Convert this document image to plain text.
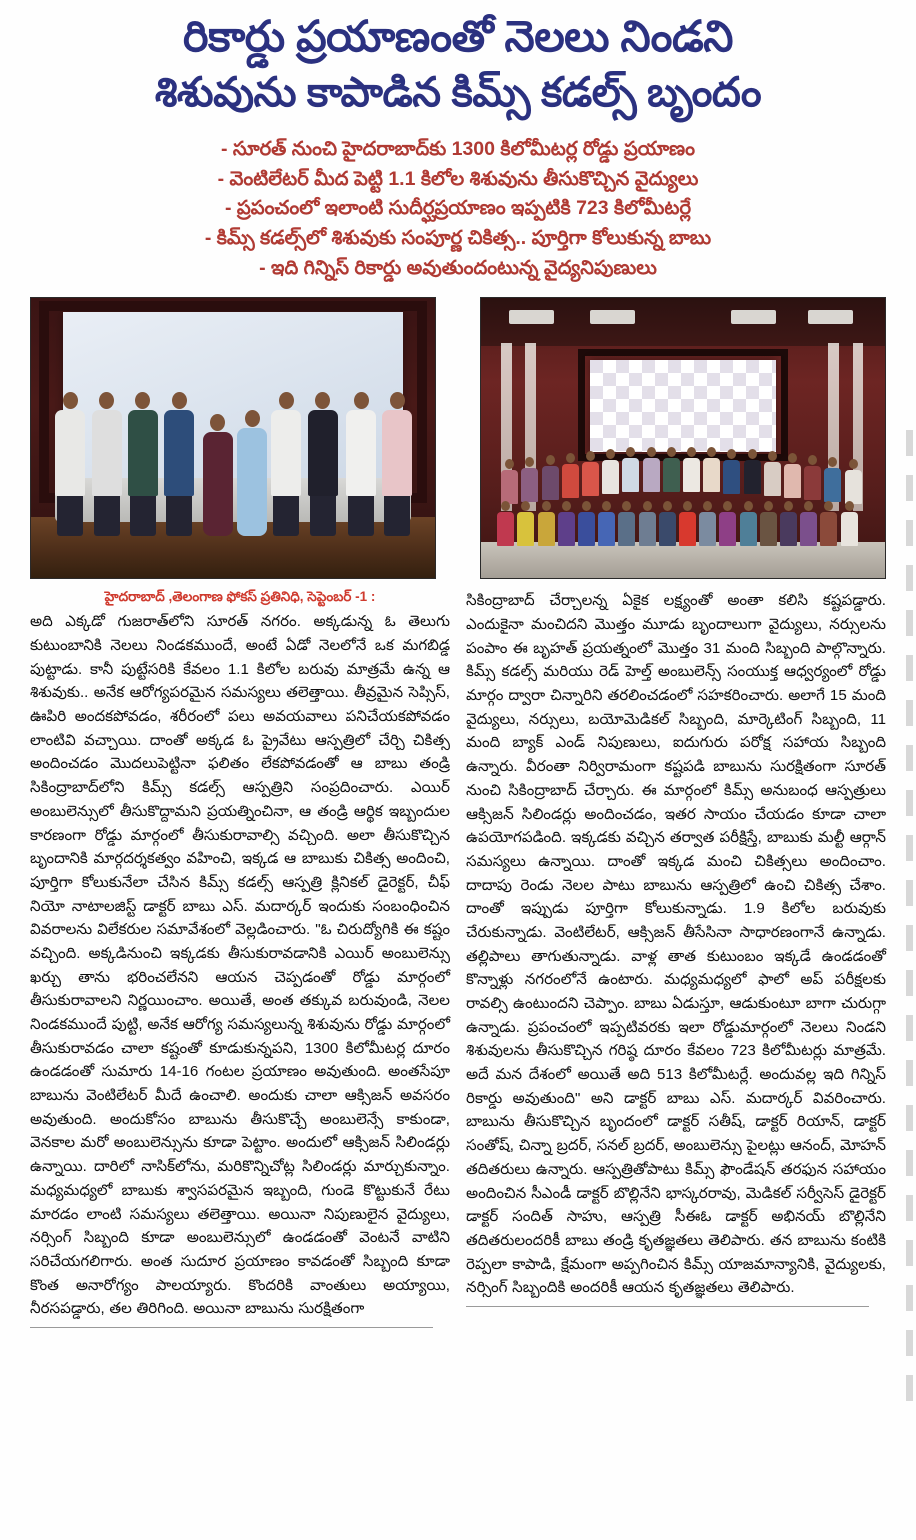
రికార్డు ప్రయాణంతో నెలలు నిండని
శిశువును కాపాడిన కిమ్స్ కడల్స్ బృందం
- సూరత్ నుంచి హైదరాబాద్‌కు 1300 కిలోమీటర్ల రోడ్డు ప్రయాణం
- వెంటిలేటర్ మీద పెట్టి 1.1 కిలోల శిశువును తీసుకొచ్చిన వైద్యులు
- ప్రపంచంలో ఇలాంటి సుదీర్ఘప్రయాణం ఇప్పటికి 723 కిలోమీటర్లే
- కిమ్స్ కడల్స్‌లో శిశువుకు సంపూర్ణ చికిత్స.. పూర్తిగా కోలుకున్న బాబు
- ఇది గిన్నిస్ రికార్డు అవుతుందంటున్న వైద్యనిపుణులు
హైదరాబాద్ ,తెలంగాణ ఫోకస్ ప్రతినిధి, సెప్టెంబర్ -1 :

అది ఎక్కడో గుజరాత్‌లోని సూరత్ నగరం. అక్కడున్న ఓ తెలుగు కుటుంబానికి నెలలు నిండకముందే, అంటే ఏడో నెలలోనే ఒక మగబిడ్డ పుట్టాడు. కానీ పుట్టేసరికి కేవలం 1.1 కిలోల బరువు మాత్రమే ఉన్న ఆ శిశువుకు.. అనేక ఆరోగ్యపరమైన సమస్యలు తలెత్తాయి. తీవ్రమైన సెప్సిస్, ఊపిరి అందకపోవడం, శరీరంలో పలు అవయవాలు పనిచేయకపోవడం లాంటివి వచ్చాయి. దాంతో అక్కడ ఓ ప్రైవేటు ఆస్పత్రిలో చేర్చి చికిత్స అందించడం మొదలుపెట్టినా ఫలితం లేకపోవడంతో ఆ బాబు తండ్రి సికింద్రాబాద్‌లోని కిమ్స్ కడల్స్ ఆస్పత్రిని సంప్రదించారు. ఎయిర్ అంబులెన్సులో తీసుకొద్దామని ప్రయత్నించినా, ఆ తండ్రి ఆర్థిక ఇబ్బందుల కారణంగా రోడ్డు మార్గంలో తీసుకురావాల్సి వచ్చింది. అలా తీసుకొచ్చిన బృందానికి మార్గదర్శకత్వం వహించి, ఇక్కడ ఆ బాబుకు చికిత్స అందించి, పూర్తిగా కోలుకునేలా చేసిన కిమ్స్ కడల్స్ ఆస్పత్రి క్లినికల్ డైరెక్టర్, చీఫ్ నియో నాటాలజిస్ట్ డాక్టర్ బాబు ఎస్. మదార్కర్ ఇందుకు సంబంధించిన వివరాలను విలేకరుల సమావేశంలో వెల్లడించారు. "ఓ చిరుద్యోగికి ఈ కష్టం వచ్చింది. అక్కడినుంచి ఇక్కడకు తీసుకురావడానికి ఎయిర్ అంబులెన్సు ఖర్చు తాను భరించలేనని ఆయన చెప్పడంతో రోడ్డు మార్గంలో తీసుకురావాలని నిర్ణయించాం. అయితే, అంత తక్కువ బరువుండి, నెలల నిండకముందే పుట్టి, అనేక ఆరోగ్య సమస్యలున్న శిశువును రోడ్డు మార్గంలో తీసుకురావడం చాలా కష్టంతో కూడుకున్నపని, 1300 కిలోమీటర్ల దూరం ఉండడంతో సుమారు 14-16 గంటల ప్రయాణం అవుతుంది. అంతసేపూ బాబును వెంటిలేటర్ మీదే ఉంచాలి. అందుకు చాలా ఆక్సిజన్ అవసరం అవుతుంది. అందుకోసం బాబును తీసుకొచ్చే అంబులెన్సే కాకుండా, వెనకాల మరో అంబులెన్సును కూడా పెట్టాం. అందులో ఆక్సిజన్ సిలిండర్లు ఉన్నాయి. దారిలో నాసిక్‌లోను, మరికొన్నిచోట్ల సిలిండర్లు మార్చుకున్నాం. మధ్యమధ్యలో బాబుకు శ్వాసపరమైన ఇబ్బంది, గుండె కొట్టుకునే రేటు మారడం లాంటి సమస్యలు తలెత్తాయి. అయినా నిపుణులైన వైద్యులు, నర్సింగ్ సిబ్బంది కూడా అంబులెన్సులో ఉండడంతో వెంటనే వాటిని సరిచేయగలిగారు. అంత సుదూర ప్రయాణం కావడంతో సిబ్బంది కూడా కొంత అనారోగ్యం పాలయ్యారు. కొందరికి వాంతులు అయ్యాయి, నీరసపడ్డారు, తల తిరిగింది. అయినా బాబును సురక్షితంగా

సికింద్రాబాద్ చేర్చాలన్న ఏకైక లక్ష్యంతో అంతా కలిసి కష్టపడ్డారు. ఎందుకైనా మంచిదని మొత్తం మూడు బృందాలుగా వైద్యులు, నర్సులను పంపాం ఈ బృహత్ ప్రయత్నంలో మొత్తం 31 మంది సిబ్బంది పాల్గొన్నారు. కిమ్స్ కడల్స్ మరియు రెడ్ హెల్త్ అంబులెన్స్ సంయుక్త ఆధ్వర్యంలో రోడ్డు మార్గం ద్వారా చిన్నారిని తరలించడంలో సహకరించారు. అలాగే 15 మంది వైద్యులు, నర్సులు, బయోమెడికల్ సిబ్బంది, మార్కెటింగ్ సిబ్బంది, 11 మంది బ్యాక్ ఎండ్ నిపుణులు, ఐదుగురు పరోక్ష సహాయ సిబ్బంది ఉన్నారు. వీరంతా నిర్విరామంగా కష్టపడి బాబును సురక్షితంగా సూరత్ నుంచి సికింద్రాబాద్ చేర్చారు. ఈ మార్గంలో కిమ్స్ అనుబంధ ఆస్పత్రులు ఆక్సిజన్ సిలిండర్లు అందించడం, ఇతర సాయం చేయడం కూడా చాలా ఉపయోగపడింది. ఇక్కడకు వచ్చిన తర్వాత పరీక్షిస్తే, బాబుకు మల్టీ ఆర్గాన్ సమస్యలు ఉన్నాయి. దాంతో ఇక్కడ మంచి చికిత్సలు అందించాం. దాదాపు రెండు నెలల పాటు బాబును ఆస్పత్రిలో ఉంచి చికిత్స చేశాం. దాంతో ఇప్పుడు పూర్తిగా కోలుకున్నాడు. 1.9 కిలోల బరువుకు చేరుకున్నాడు. వెంటిలేటర్, ఆక్సిజన్ తీసేసినా సాధారణంగానే ఉన్నాడు. తల్లిపాలు తాగుతున్నాడు. వాళ్ల తాత కుటుంబం ఇక్కడే ఉండడంతో కొన్నాళ్లు నగరంలోనే ఉంటారు. మధ్యమధ్యలో ఫాలో అప్ పరీక్షలకు రావల్సి ఉంటుందని చెప్పాం. బాబు ఏడుస్తూ, ఆడుకుంటూ బాగా చురుగ్గా ఉన్నాడు. ప్రపంచంలో ఇప్పటివరకు ఇలా రోడ్డుమార్గంలో నెలలు నిండని శిశువులను తీసుకొచ్చిన గరిష్ఠ దూరం కేవలం 723 కిలోమీటర్లు మాత్రమే. అదే మన దేశంలో అయితే అది 513 కిలోమీటర్లే. అందువల్ల ఇది గిన్నిస్ రికార్డు అవుతుంది" అని డాక్టర్ బాబు ఎస్. మదార్కర్ వివరించారు. బాబును తీసుకొచ్చిన బృందంలో డాక్టర్ సతీష్, డాక్టర్ రియాన్, డాక్టర్ సంతోష్, చిన్నా బ్రదర్, సనల్ బ్రదర్, అంబులెన్సు పైలట్లు ఆనంద్, మోహన్ తదితరులు ఉన్నారు. ఆస్పత్రితోపాటు కిమ్స్ ఫౌండేషన్ తరఫున సహాయం అందించిన సీఎండీ డాక్టర్ బొల్లినేని భాస్కరరావు, మెడికల్ సర్వీసెస్ డైరెక్టర్ డాక్టర్ సందిత్ సాహు, ఆస్పత్రి సీఈఓ డాక్టర్ అభినయ్ బొల్లినేని తదితరులందరికీ బాబు తండ్రి కృతజ్ఞతలు తెలిపారు. తన బాబును కంటికి రెప్పలా కాపాడి, క్షేమంగా అప్పగించిన కిమ్స్ యాజమాన్యానికి, వైద్యులకు, నర్సింగ్ సిబ్బందికి అందరికీ ఆయన కృతజ్ఞతలు తెలిపారు.
